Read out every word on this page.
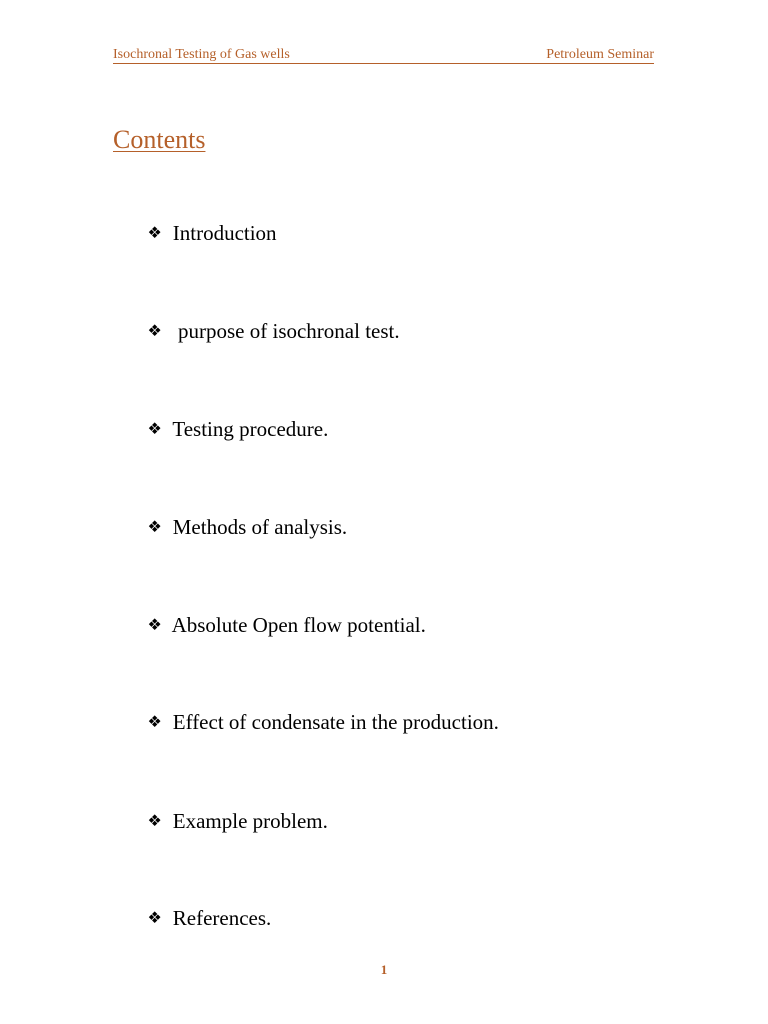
Isochronal Testing of Gas wells	Petroleum Seminar
Contents

❖ Introduction

❖  purpose of isochronal test.

❖ Testing procedure.

❖ Methods of analysis.

❖ Absolute Open flow potential.

❖ Effect of condensate in the production.

❖ Example problem.

❖ References.

1
